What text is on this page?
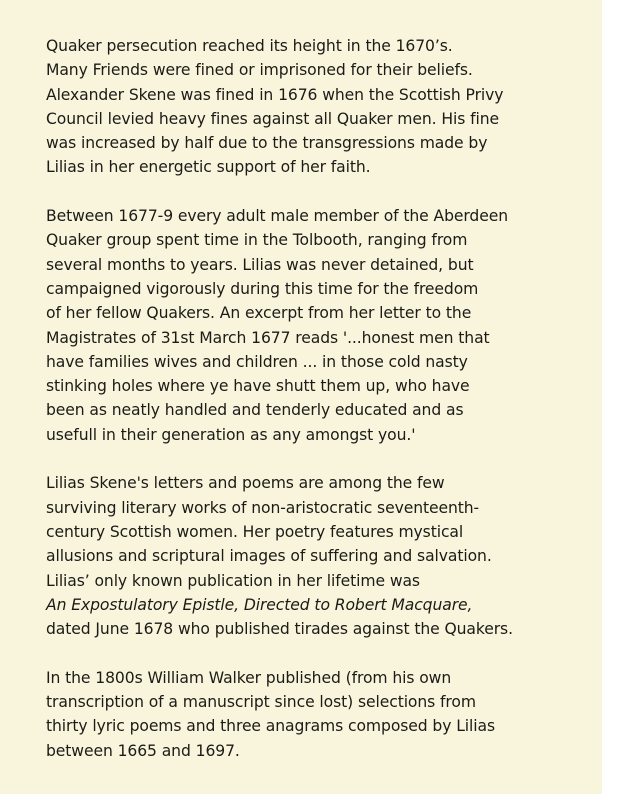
Quaker persecution reached its height in the 1670’s.
Many Friends were fined or imprisoned for their beliefs.
Alexander Skene was fined in 1676 when the Scottish Privy
Council levied heavy fines against all Quaker men. His fine
was increased by half due to the transgressions made by
Lilias in her energetic support of her faith.

Between 1677-9 every adult male member of the Aberdeen
Quaker group spent time in the Tolbooth, ranging from
several months to years. Lilias was never detained, but
campaigned vigorously during this time for the freedom
of her fellow Quakers. An excerpt from her letter to the
Magistrates of 31st March 1677 reads '...honest men that
have families wives and children ... in those cold nasty
stinking holes where ye have shutt them up, who have
been as neatly handled and tenderly educated and as
usefull in their generation as any amongst you.'

Lilias Skene's letters and poems are among the few
surviving literary works of non-aristocratic seventeenth-
century Scottish women. Her poetry features mystical
allusions and scriptural images of suffering and salvation.
Lilias’ only known publication in her lifetime was
An Expostulatory Epistle, Directed to Robert Macquare,
dated June 1678 who published tirades against the Quakers.

In the 1800s William Walker published (from his own
transcription of a manuscript since lost) selections from
thirty lyric poems and three anagrams composed by Lilias
between 1665 and 1697.
